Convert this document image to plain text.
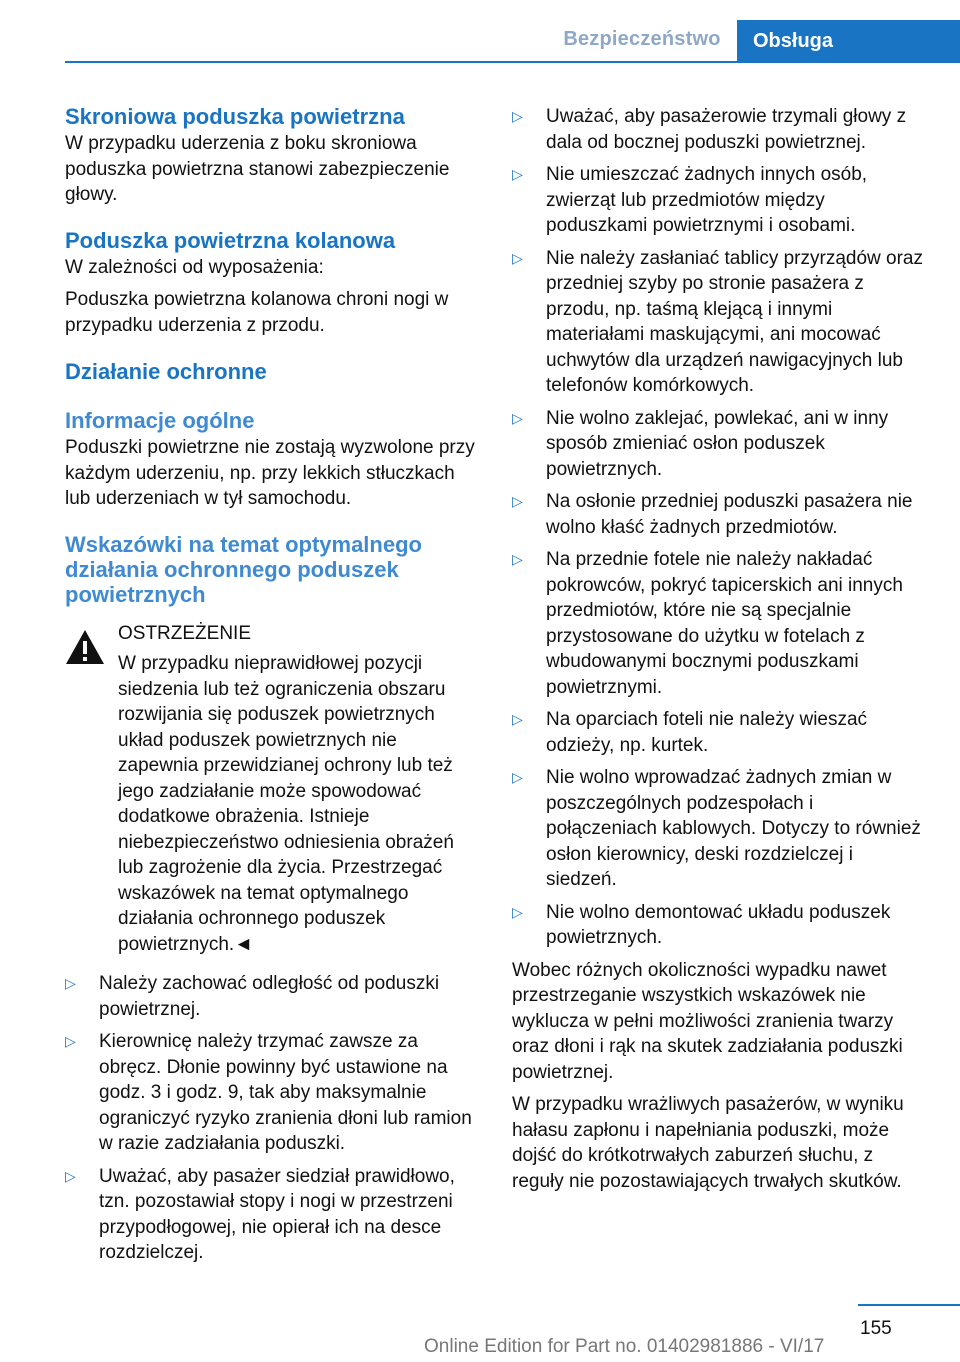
Bezpieczeństwo	Obsługa
Skroniowa poduszka powietrzna

W przypadku uderzenia z boku skroniowa poduszka powietrzna stanowi zabezpieczenie głowy.

Poduszka powietrzna kolanowa

W zależności od wyposażenia:

Poduszka powietrzna kolanowa chroni nogi w przypadku uderzenia z przodu.

Działanie ochronne
Informacje ogólne

Poduszki powietrzne nie zostają wyzwolone przy każdym uderzeniu, np. przy lekkich stłuczkach lub uderzeniach w tył samochodu.

Wskazówki na temat optymalnego działania ochronnego poduszek powietrznych
OSTRZEŻENIE
W przypadku nieprawidłowej pozycji siedzenia lub też ograniczenia obszaru rozwijania się poduszek powietrznych układ poduszek powietrznych nie zapewnia przewidzianej ochrony lub też jego zadziałanie może spowodować dodatkowe obrażenia. Istnieje niebezpieczeństwo odniesienia obrażeń lub zagrożenie dla życia. Przestrzegać wskazówek na temat optymalnego działania ochronnego poduszek powietrznych.◄
▷ Należy zachować odległość od poduszki powietrznej.
▷ Kierownicę należy trzymać zawsze za obręcz. Dłonie powinny być ustawione na godz. 3 i godz. 9, tak aby maksymalnie ograniczyć ryzyko zranienia dłoni lub ramion w razie zadziałania poduszki.
▷ Uważać, aby pasażer siedział prawidłowo, tzn. pozostawiał stopy i nogi w przestrzeni przypodłogowej, nie opierał ich na desce rozdzielczej.
▷ Uważać, aby pasażerowie trzymali głowy z dala od bocznej poduszki powietrznej.
▷ Nie umieszczać żadnych innych osób, zwierząt lub przedmiotów między poduszkami powietrznymi i osobami.
▷ Nie należy zasłaniać tablicy przyrządów oraz przedniej szyby po stronie pasażera z przodu, np. taśmą klejącą i innymi materiałami maskującymi, ani mocować uchwytów dla urządzeń nawigacyjnych lub telefonów komórkowych.
▷ Nie wolno zaklejać, powlekać, ani w inny sposób zmieniać osłon poduszek powietrznych.
▷ Na osłonie przedniej poduszki pasażera nie wolno kłaść żadnych przedmiotów.
▷ Na przednie fotele nie należy nakładać pokrowców, pokryć tapicerskich ani innych przedmiotów, które nie są specjalnie przystosowane do użytku w fotelach z wbudowanymi bocznymi poduszkami powietrznymi.
▷ Na oparciach foteli nie należy wieszać odzieży, np. kurtek.
▷ Nie wolno wprowadzać żadnych zmian w poszczególnych podzespołach i połączeniach kablowych. Dotyczy to również osłon kierownicy, deski rozdzielczej i siedzeń.
▷ Nie wolno demontować układu poduszek powietrznych.

Wobec różnych okoliczności wypadku nawet przestrzeganie wszystkich wskazówek nie wyklucza w pełni możliwości zranienia twarzy oraz dłoni i rąk na skutek zadziałania poduszki powietrznej.

W przypadku wrażliwych pasażerów, w wyniku hałasu zapłonu i napełniania poduszki, może dojść do krótkotrwałych zaburzeń słuchu, z reguły nie pozostawiających trwałych skutków.

155
Online Edition for Part no. 01402981886 - VI/17
